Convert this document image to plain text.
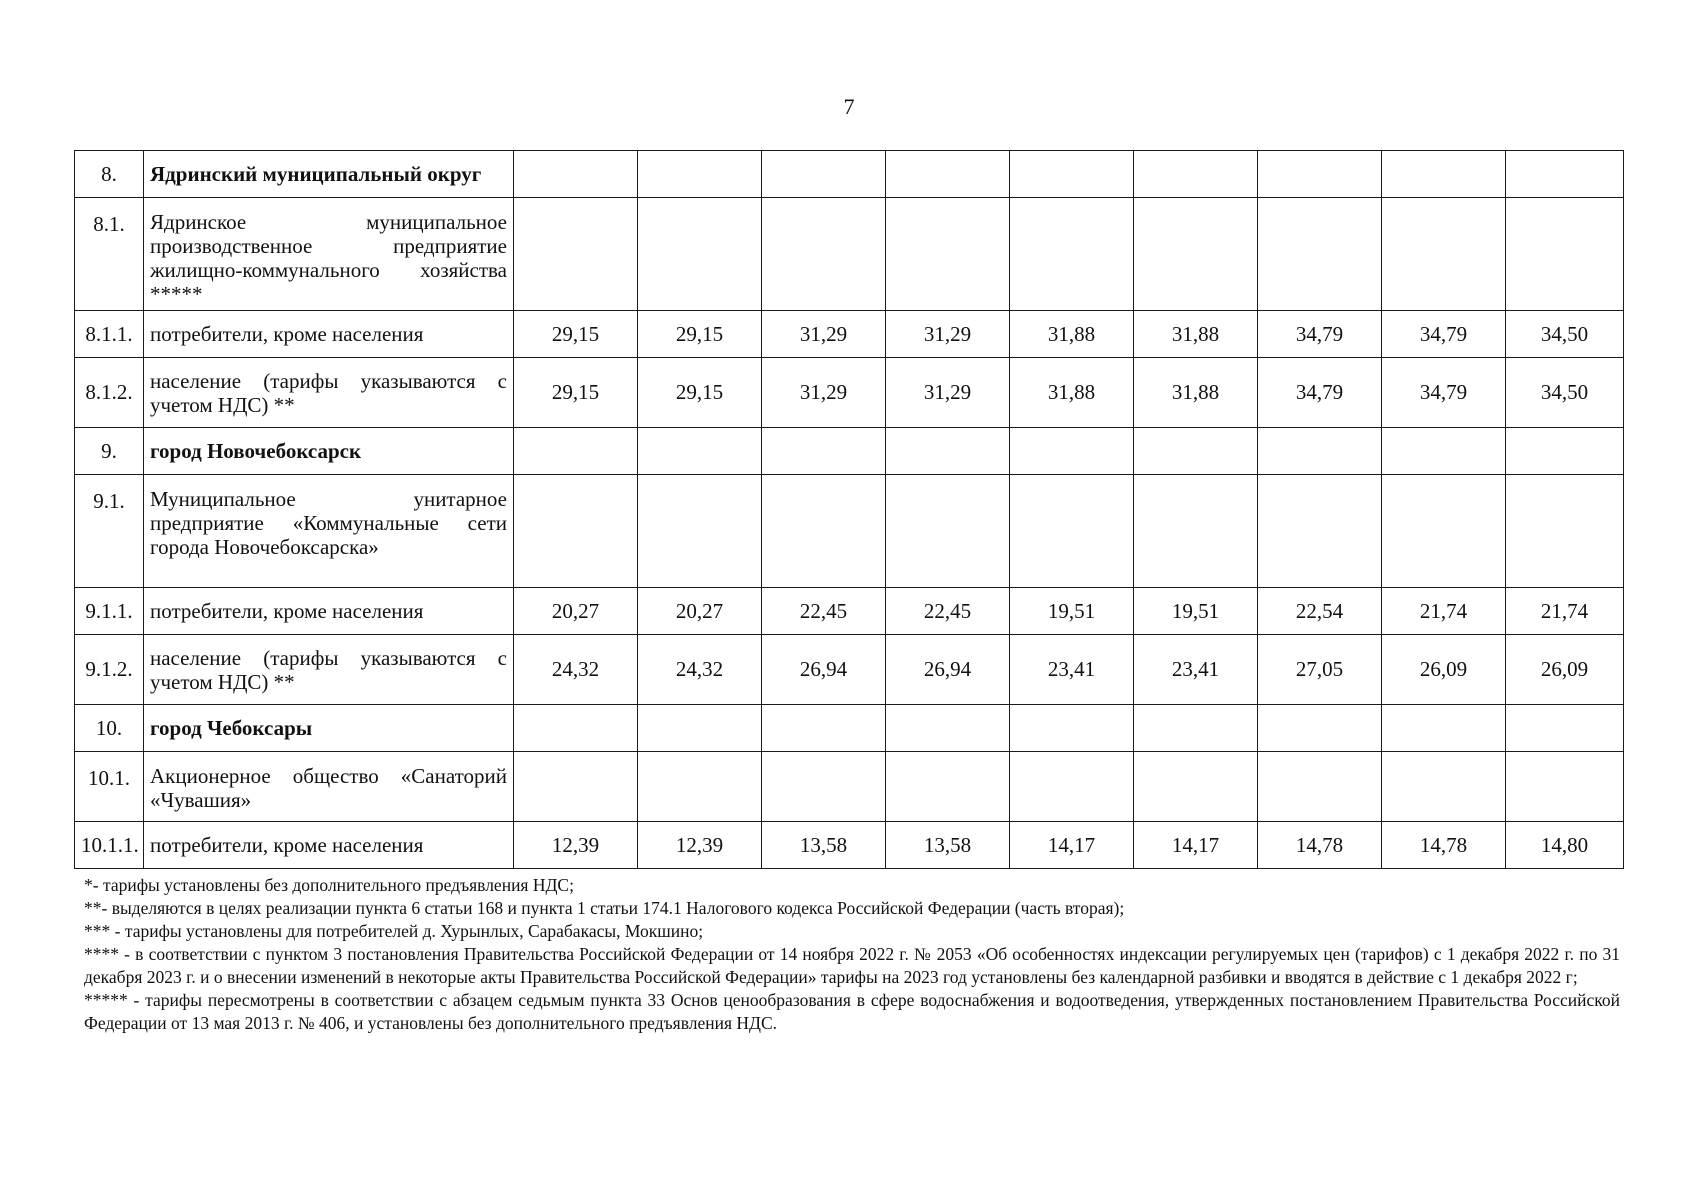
7
8.	Ядринский муниципальный округ									
8.1.	Ядринское муниципальное производственное предприятие жилищно-коммунального хозяйства *****									
8.1.1.	потребители, кроме населения	29,15	29,15	31,29	31,29	31,88	31,88	34,79	34,79	34,50
8.1.2.	население (тарифы указываются с учетом НДС) **	29,15	29,15	31,29	31,29	31,88	31,88	34,79	34,79	34,50
9.	город Новочебоксарск									
9.1.	Муниципальное унитарное предприятие «Коммунальные сети города Новочебоксарска»									
9.1.1.	потребители, кроме населения	20,27	20,27	22,45	22,45	19,51	19,51	22,54	21,74	21,74
9.1.2.	население (тарифы указываются с учетом НДС) **	24,32	24,32	26,94	26,94	23,41	23,41	27,05	26,09	26,09
10.	город Чебоксары									
10.1.	Акционерное общество «Санаторий «Чувашия»									
10.1.1.	потребители, кроме населения	12,39	12,39	13,58	13,58	14,17	14,17	14,78	14,78	14,80

*- тарифы установлены без дополнительного предъявления НДС;

**- выделяются в целях реализации пункта 6 статьи 168 и пункта 1 статьи 174.1 Налогового кодекса Российской Федерации (часть вторая);

*** - тарифы установлены для потребителей д. Хурынлых, Сарабакасы, Мокшино;

**** - в соответствии с пунктом 3 постановления Правительства Российской Федерации от 14 ноября 2022 г. № 2053 «Об особенностях индексации регулируемых цен (тарифов) с 1 декабря 2022 г. по 31 декабря 2023 г. и о внесении изменений в некоторые акты Правительства Российской Федерации» тарифы на 2023 год установлены без календарной разбивки и вводятся в действие с 1 декабря 2022 г;

***** - тарифы пересмотрены в соответствии с абзацем седьмым пункта 33 Основ ценообразования в сфере водоснабжения и водоотведения, утвержденных постановлением Правительства Российской Федерации от 13 мая 2013 г. № 406, и установлены без дополнительного предъявления НДС.
